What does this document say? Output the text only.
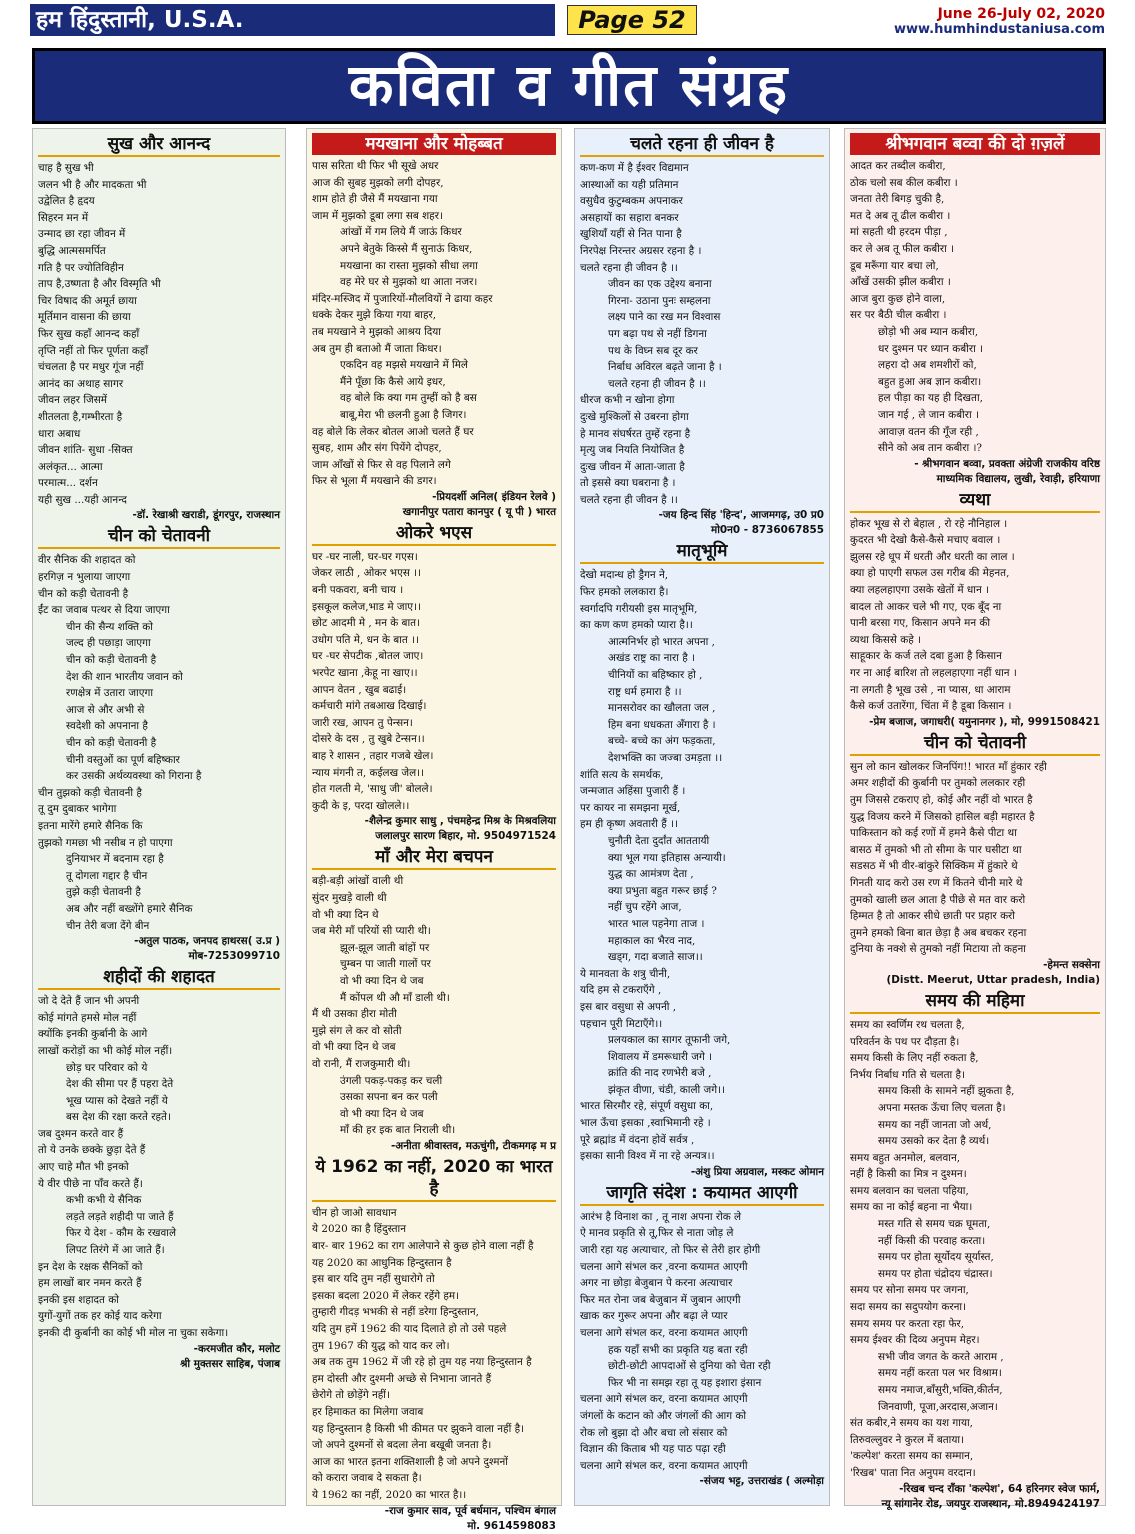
हम हिंदुस्तानी, U.S.A.	Page 52	June 26-July 02, 2020
www.humhindustaniusa.com
कविता व गीत संग्रह
सुख और आनन्द
चाह है सुख भी
जलन भी है और मादकता भी
उद्वेलित है हृदय
सिहरन मन में
उन्माद छा रहा जीवन में
बुद्धि आत्मसमर्पित
गति है पर ज्योतिविहीन
ताप है,उष्णता है और विस्मृति भी
चिर विषाद की अमूर्त छाया
मूर्तिमान वासना की छाया
फिर सुख कहाँ आनन्द कहाँ
तृप्ति नहीं तो फिर पूर्णता कहाँ
चंचलता है पर मधुर गूंज नहीं
आनंद का अथाह सागर
जीवन लहर जिसमें
शीतलता है,गम्भीरता है
धारा अबाध
जीवन शांति- सुधा -सिक्त
अलंकृत... आत्मा
परमात्म... दर्शन
यही सुख ...यही आनन्द
-डॉ. रेखाश्री खराडी, डूंगरपुर, राजस्थान
चीन को चेतावनी
वीर सैनिक की शहादत को
हरगिज़ न भुलाया जाएगा
चीन को कड़ी चेतावनी है
ईंट का जवाब पत्थर से दिया जाएगा
चीन की सैन्य शक्ति को
जल्द ही पछाड़ा जाएगा
चीन को कड़ी चेतावनी है
देश की शान भारतीय जवान को
रणक्षेत्र में उतारा जाएगा
आज से और अभी से
स्वदेशी को अपनाना है
चीन को कड़ी चेतावनी है
चीनी वस्तुओं का पूर्ण बहिष्कार
कर उसकी अर्थव्यवस्था को गिराना है
चीन तुझको कड़ी चेतावनी है
तू दुम दुबाकर भागेगा
इतना मारेंगे हमारे सैनिक कि
तुझको गमछा भी नसीब न हो पाएगा
दुनियाभर में बदनाम रहा है
तू दोगला गद्दार है चीन
तुझे कड़ी चेतावनी है
अब और नहीं बख्शेंगे हमारे सैनिक
चीन तेरी बजा देंगे बीन
-अतुल पाठक, जनपद हाथरस( उ.प्र )
मोब-7253099710
शहीदों की शहादत
जो दे देते हैं जान भी अपनी
कोई मांगते हमसे मोल नहीं
क्योंकि इनकी कुर्बानी के आगे
लाखों करोड़ों का भी कोई मोल नहीं।
छोड़ घर परिवार को ये
देश की सीमा पर हैं पहरा देते
भूख प्यास को देखते नहीं ये
बस देश की रक्षा करते रहते।
जब दुश्मन करते वार हैं
तो ये उनके छक्के छुड़ा देते हैं
आए चाहे मौत भी इनको
ये वीर पीछे ना पाँव करते हैं।
कभी कभी ये सैनिक
लड़ते लड़ते शहीदी पा जाते हैं
फिर ये देश - कौम के रखवाले
लिपट तिरंगे में आ जाते हैं।
इन देश के रक्षक सैनिकों को
हम लाखों बार नमन करते हैं
इनकी इस शहादत को
युगों-युगों तक हर कोई याद करेगा
इनकी दी कुर्बानी का कोई भी मोल ना चुका सकेगा।
-करमजीत कौर, मलोट
श्री मुक्तसर साहिब, पंजाब
मयखाना और मोहब्बत
पास सरिता थी फिर भी सूखे अधर
आज की सुबह मुझको लगी दोपहर,
शाम होते ही जैसे मैं मयखाना गया
जाम में मुझको डूबा लगा सब शहर।
आंखों में गम लिये मैं जाऊं किधर
अपने बेतुके किस्से मैं सुनाऊं किधर,
मयखाना का रास्ता मुझको सीधा लगा
वह मेरे घर से मुझको था आता नजर।
मंदिर-मस्जिद में पुजारियों-मौलवियों ने ढाया कहर
धक्के देकर मुझे किया गया बाहर,
तब मयखाने ने मुझको आश्रय दिया
अब तुम ही बताओ मैं जाता किधर।
एकदिन वह मझसे मयखाने में मिले
मैंने पूँछा कि कैसे आये इधर,
वह बोले कि क्या गम तुम्हीं को है बस
बाबू,मेरा भी छलनी हुआ है जिगर।
वह बोले कि लेकर बोतल आओ चलते हैं घर
सुबह, शाम और संग पियेंगे दोपहर,
जाम आँखों से फिर से वह पिलाने लगे
फिर से भूला मैं मयखाने की डगर।
-प्रियदर्शी अनिल( इंडियन रेलवे )
खगानीपुर पतारा कानपुर ( यू पी ) भारत
ओकरे भएस
घर -घर नाली, घर-घर गएस।
जेकर लाठी , ओकर भएस ।।
बनी पकवरा, बनी चाय ।
इसकूल कलेज,भाड मे जाए।।
छोट आदमी मे , मन के बात।
उधोग पति मे, धन के बात ।।
घर -घर सेपटीक ,बोतल जाए।
भरपेट खाना ,केहू ना खाए।।
आपन वेतन , खुब बढाई।
कर्मचारी मांगे तबआख दिखाई।
जारी रख, आपन तु पेन्सन।
दोसरे के दस , तु खुबे टेन्सन।।
बाह रे शासन , तहार गजबे खेल।
न्याय मंगनी त, कईलख जेल।।
होत गलती मे, 'साधु जी' बोलले।
कुदी के इ, परदा खोलले।।
-शैलेन्द्र कुमार साधु , पंचमहेन्द्र मिश्र के मिश्रवलिया
जलालपुर सारण बिहार, मो. 9504971524
माँ और मेरा बचपन
बड़ी-बड़ी आंखों वाली थी
सुंदर मुखड़े वाली थी
वो भी क्या दिन थे
जब मेरी माँ परियों सी प्यारी थी।
झूल-झूल जाती बांहों पर
चुम्बन पा जाती गालों पर
वो भी क्या दिन थे जब
मैं कोंपल थी औ माँ डाली थी।
मैं थी उसका हीरा मोती
मुझे संग ले कर वो सोती
वो भी क्या दिन थे जब
वो रानी, मैं राजकुमारी थी।
उंगली पकड़-पकड़ कर चली
उसका सपना बन कर पली
वो भी क्या दिन थे जब
माँ की हर इक बात निराली थी।
-अनीता श्रीवास्तव, मऊचुंगी, टीकमगढ़ म प्र
ये 1962 का नहीं, 2020 का भारत है
चीन हो जाओ सावधान
ये 2020 का है हिंदुस्तान
बार- बार 1962 का राग आलेपाने से कुछ होने वाला नहीं है
यह 2020 का आधुनिक हिन्दुस्तान है
इस बार यदि तुम नहीं सुधारोगे तो
इसका बदला 2020 में लेकर रहेंगे हम।
तुम्हारी गीदड़ भभकी से नहीं डरेगा हिन्दुस्तान,
यदि तुम हमें 1962 की याद दिलाते हो तो उसे पहले
तुम 1967 की युद्ध को याद कर लो।
अब तक तुम 1962 में जी रहे हो तुम यह नया हिन्दुस्तान है
हम दोस्ती और दुश्मनी अच्छे से निभाना जानते हैं
छेरोगे तो छोड़ेंगे नहीं।
हर हिमाकत का मिलेगा जवाब
यह हिन्दुस्तान है किसी भी कीमत पर झुकने वाला नहीं है।
जो अपने दुश्मनों से बदला लेना बखूबी जनता है।
आज का भारत इतना शक्तिशाली है जो अपने दुश्मनों
को करारा जवाब दे सकता है।
ये 1962 का नहीं, 2020 का भारत है।।
-राज कुमार साव, पूर्व बर्धमान, पश्चिम बंगाल
मो. 9614598083
चलते रहना ही जीवन है
कण-कण में है ईश्वर विद्यमान
आस्थाओं का यही प्रतिमान
वसुधैव कुटुम्बकम अपनाकर
असहायों का सहारा बनकर
खुशियाँ यहीं से नित पाना है
निरपेक्ष निरन्तर अग्रसर रहना है ।
चलते रहना ही जीवन है ।।
जीवन का एक उद्देश्य बनाना
गिरना- उठाना पुनः सम्हलना
लक्ष्य पाने का रख मन विश्वास
पग बढ़ा पथ से नहीं डिगना
पथ के विघ्न सब दूर कर
निर्बाध अविरल बढ़ते जाना है ।
चलते रहना ही जीवन है ।।
धीरज कभी न खोना होगा
दुःखे मुश्किलों से उबरना होगा
हे मानव संघर्षरत तुम्हें रहना है
मृत्यु जब नियति नियोजित है
दुःख जीवन में आता-जाता है
तो इससे क्या घबराना है ।
चलते रहना ही जीवन है ।।
-जय हिन्द सिंह 'हिन्द', आजमगढ़, उ0 प्र0
मो0न0 - 8736067855
मातृभूमि
देखो मदान्ध हो ड्रैगन ने,
फिर हमको ललकारा है।
स्वर्गादपि गरीयसी इस मातृभूमि,
का कण कण हमको प्यारा है।।
आत्मनिर्भर हो भारत अपना ,
अखंड राष्ट्र का नारा है ।
चीनियों का बहिष्कार हो ,
राष्ट्र धर्म हमारा है ।।
मानसरोवर का खौलता जल ,
हिम बना धधकता अँगारा है ।
बच्चे- बच्चे का अंग फड़कता,
देशभक्ति का जज्बा उमड़ता ।।
शांति सत्य के समर्थक,
जन्मजात अहिंसा पुजारी हैं ।
पर कायर ना समझना मूर्ख,
हम ही कृष्ण अवतारी हैं ।।
चुनौती देता दुर्दांत आततायी
क्या भूल गया इतिहास अन्यायी।
युद्ध का आमंत्रण देता ,
क्या प्रभुता बहुत गरूर छाई ?
नहीं चुप रहेंगे आज,
भारत भाल पहनेगा ताज ।
महाकाल का भैरव नाद,
खड्ग, गदा बजाते साज।।
ये मानवता के शत्रु चीनी,
यदि हम से टकराएँगे ,
इस बार वसुधा से अपनी ,
पहचान पूरी मिटाएँगे।।
प्रलयकाल का सागर तूफानी जगे,
शिवालय में डमरूधारी जगे ।
क्रांति की नाद रणभेरी बजे ,
झंकृत वीणा, चंडी, काली जगे।।
भारत सिरमौर रहे, संपूर्ण वसुधा का,
भाल ऊँचा इसका ,स्वाभिमानी रहे ।
पूरे ब्रह्मांड में वंदना होवें सर्वत्र ,
इसका सानी विश्व में ना रहे अन्यत्र।।
-अंशु प्रिया अग्रवाल, मस्कट ओमान
जागृति संदेश : कयामत आएगी
आरंभ है विनाश का , तू नाश अपना रोक ले
ऐ मानव प्रकृति से तू,फिर से नाता जोड़ ले
जारी रहा यह अत्याचार, तो फिर से तेरी हार होगी
चलना आगे संभल कर ,वरना कयामत आएगी
अगर ना छोड़ा बेजुबान पे करना अत्याचार
फिर मत रोना जब बेजुबान में जुबान आएगी
खाक कर गुरूर अपना और बढ़ा ले प्यार
चलना आगे संभल कर, वरना कयामत आएगी
हक यहाँ सभी का प्रकृति यह बता रही
छोटी-छोटी आपदाओं से दुनिया को चेता रही
फिर भी ना समझ रहा तू यह इशारा इंसान
चलना आगे संभल कर, वरना कयामत आएगी
जंगलों के कटान को और जंगलों की आग को
रोक लो बुझा दो और बचा लो संसार को
विज्ञान की किताब भी यह पाठ पढ़ा रही
चलना आगे संभल कर, वरना कयामत आएगी
-संजय भट्ट, उत्तराखंड ( अल्मोड़ा
श्रीभगवान बव्वा की दो ग़ज़लें
आदत कर तब्दील कबीरा,
ठोक चलो सब कील कबीरा ।
जनता तेरी बिगड़ चुकी है,
मत दे अब तू ढील कबीरा ।
मां सहती थी हरदम पीड़ा ,
कर ले अब तू फील कबीरा ।
डूब मरूँगा यार बचा लो,
आँखें उसकी झील कबीरा ।
आज बुरा कुछ होने वाला,
सर पर बैठी चील कबीरा ।
छोड़ो भी अब म्यान कबीरा,
धर दुश्मन पर ध्यान कबीरा ।
लहरा दो अब शमशीरों को,
बहुत हुआ अब ज्ञान कबीरा।
हल पीड़ा का यह ही दिखता,
जान गई , ले जान कबीरा ।
आवाज़ वतन की गूँज रही ,
सीने को अब तान कबीरा ।?
- श्रीभगवान बव्वा, प्रवक्ता अंग्रेजी राजकीय वरिष्ठ
माध्यमिक विद्यालय, लुखी, रेवाड़ी, हरियाणा
व्यथा
होकर भूख से रो बेहाल , रो रहे नौनिहाल ।
कुदरत भी देखो कैसे-कैसे मचाए बवाल ।
झुलस रहे धूप में धरती और धरती का लाल ।
क्या हो पाएगी सफल उस गरीब की मेहनत,
क्या लहलहाएगा उसके खेतों में धान ।
बादल तो आकर चले भी गए, एक बूँद ना
पानी बरसा गए, किसान अपने मन की
व्यथा किससे कहे ।
साहूकार के कर्ज तले दबा हुआ है किसान
गर ना आई बारिश तो लहलहाएगा नहीं धान ।
ना लगती है भूख उसे , ना प्यास, धा आराम
कैसे कर्ज उतारेंगा, चिंता में है डूबा किसान ।
-प्रेम बजाज, जगाधरी( यमुनानगर ), मो, 9991508421
चीन को चेतावनी
सुन लो कान खोलकर जिनपिंग!! भारत माँ हुंकार रही
अमर शहीदों की कुर्बानी पर तुमको ललकार रही
तुम जिससे टकराए हो, कोई और नहीं वो भारत है
युद्ध विजय करने में जिसको हासिल बड़ी महारत है
पाकिस्तान को कई रणों में हमने कैसे पीटा था
बासठ में तुमको भी तो सीमा के पार घसीटा था
सडसठ में भी वीर-बांकुरे सिक्किम में हुंकारे थे
गिनती याद करो उस रण में कितने चीनी मारे थे
तुमको खाली छल आता है पीछे से मत वार करो
हिम्मत है तो आकर सीधे छाती पर प्रहार करो
तुमने हमको बिना बात छेड़ा है अब बचकर रहना
दुनिया के नक्शे से तुमको नहीं मिटाया तो कहना
-हेमन्त सक्सेना
(Distt. Meerut, Uttar pradesh, India)
समय की महिमा
समय का स्वर्णिम रथ चलता है,
परिवर्तन के पथ पर दौड़ता है।
समय किसी के लिए नहीं रुकता है,
निर्भय निर्बाध गति से चलता है।
समय किसी के सामने नहीं झुकता है,
अपना मस्तक ऊँचा लिए चलता है।
समय का नहीं जानता जो अर्थ,
समय उसको कर देता है व्यर्थ।
समय बहुत अनमोल, बलवान,
नहीं है किसी का मित्र न दुश्मन।
समय बलवान का चलता पहिया,
समय का ना कोई बहना ना भैया।
मस्त गति से समय चक्र घूमता,
नहीं किसी की परवाह करता।
समय पर होता सूर्योदय सूर्यास्त,
समय पर होता चंद्रोदय चंद्रास्त।
समय पर सोना समय पर जगना,
सदा समय का सदुपयोग करना।
समय समय पर करता रहा फेर,
समय ईश्वर की दिव्य अनुपम मेहर।
सभी जीव जगत के करते आराम ,
समय नहीं करता पल भर विश्राम।
समय नमाज,बाँसुरी,भक्ति,कीर्तन,
जिनवाणी, पूजा,अरदास,अजान।
संत कबीर,ने समय का यश गाया,
तिरुवल्लुवर ने कुरल में बताया।
'कल्पेश' करता समय का सम्मान,
'रिखब' पाता नित अनुपम वरदान।
-रिखब चन्द राँका 'कल्पेश', 64 हरिनगर स्वेज फार्म,
न्यू सांगानेर रोड, जयपुर राजस्थान, मो.8949424197
